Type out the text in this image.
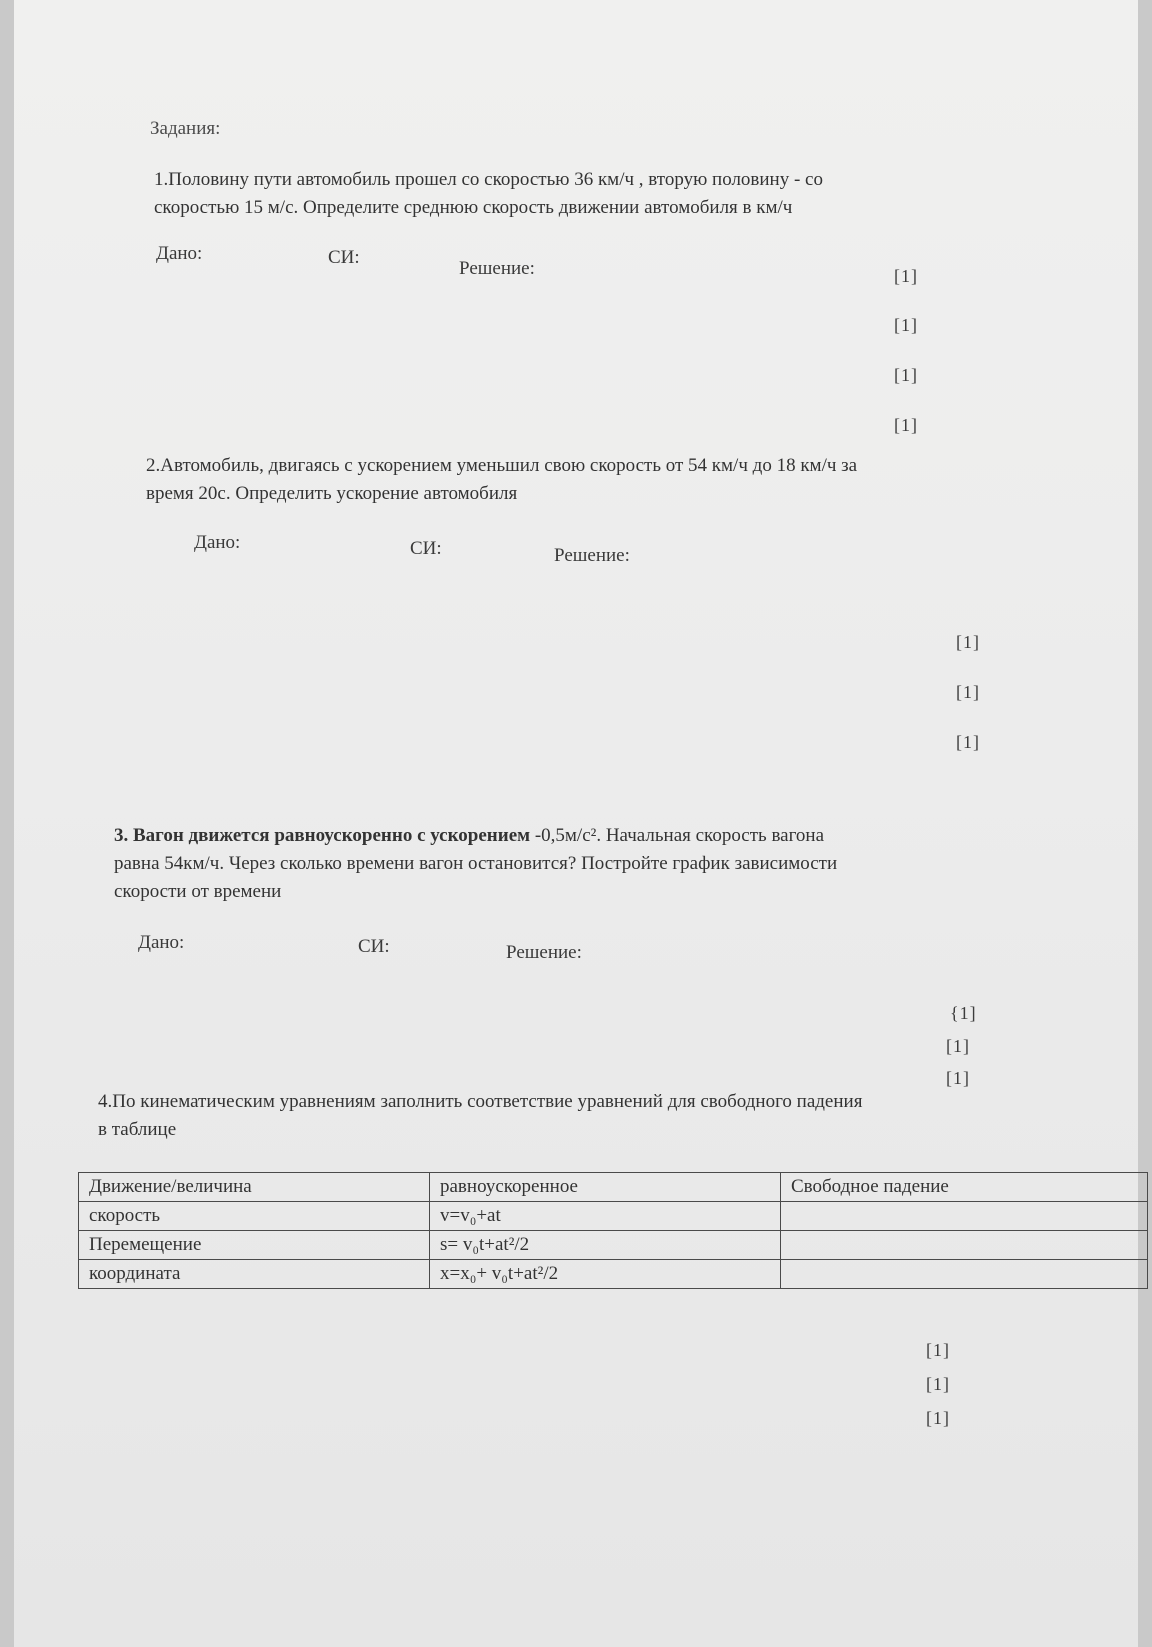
Задания:
1.Половину пути автомобиль прошел со скоростью 36 км/ч , вторую половину - со
скоростью 15 м/с. Определите среднюю скорость движении автомобиля в км/ч
Дано:	СИ:
Решение:	[1]
[1]
[1]
[1]
2.Автомобиль, двигаясь с ускорением уменьшил свою скорость от 54 км/ч до 18 км/ч за
время 20с. Определить ускорение автомобиля
Дано:	СИ:	Решение:
[1]
[1]
[1]
3. Вагон движется равноускоренно с ускорением -0,5м/с². Начальная скорость вагона
равна 54км/ч. Через сколько времени вагон остановится? Постройте график зависимости
скорости от времени
Дано:	СИ:	Решение:
{1]
[1]
[1]
4.По кинематическим уравнениям заполнить соответствие уравнений для свободного падения
в таблице
Движение/величина	равноускоренное	Свободное падение
скорость	v=v₀+at	
Перемещение	s= v₀t+at²/2	
координата	x=x₀+ v₀t+at²/2	
[1]
[1]
[1]
